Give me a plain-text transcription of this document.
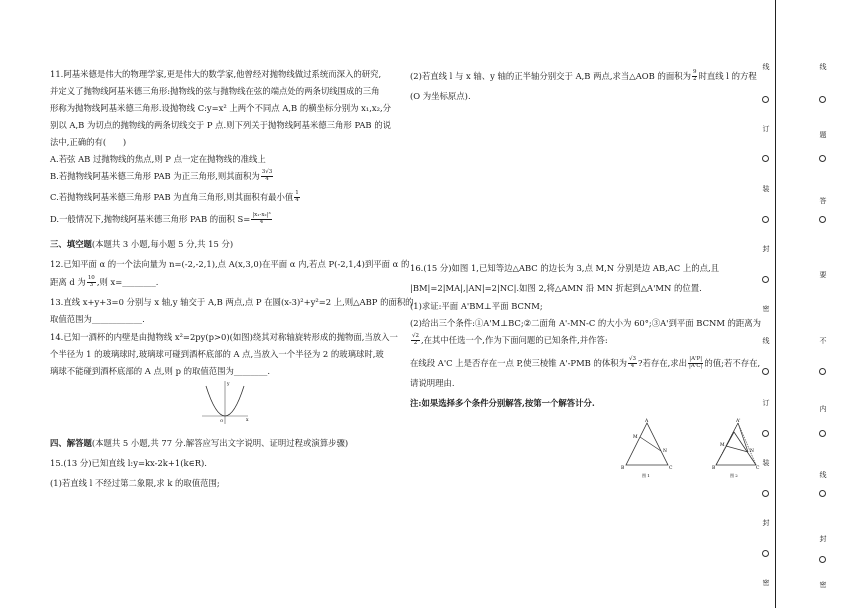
11.阿基米德是伟大的物理学家,更是伟大的数学家,他曾经对抛物线做过系统而深入的研究,
并定义了抛物线阿基米德三角形:抛物线的弦与抛物线在弦的端点处的两条切线围成的三角
形称为抛物线阿基米德三角形.设抛物线 C:y=x² 上两个不同点 A,B 的横坐标分别为 x₁,x₂,分
别以 A,B 为切点的抛物线的两条切线交于 P 点.则下列关于抛物线阿基米德三角形 PAB 的说
法中,正确的有(　　)
A.若弦 AB 过抛物线的焦点,则 P 点一定在抛物线的准线上
B.若抛物线阿基米德三角形 PAB 为正三角形,则其面积为 $\frac{3√3}{4}$
C.若抛物线阿基米德三角形 PAB 为直角三角形,则其面积有最小值 $\frac{1}{4}$
D.一般情况下,抛物线阿基米德三角形 PAB 的面积 $S= \frac{\text{|x₁-x₂|³}}{4}$
三、填空题(本题共 3 小题,每小题 5 分,共 15 分)
12.已知平面 α 的一个法向量为 n=(-2,-2,1),点 A(x,3,0)在平面 α 内,若点 P(-2,1,4)到平面 α 的
距离 d 为 $\frac{10}{3}$ ,则 x=________.
13.直线 x+y+3=0 分别与 x 轴,y 轴交于 A,B 两点,点 P 在圆(x-3)²+y²=2 上,则△ABP 的面积的
取值范围为____________.
14.已知一酒杯的内壁是由抛物线 x²=2py(p>0)(如图)绕其对称轴旋转形成的抛物面,当放入一
个半径为 1 的玻璃球时,玻璃球可碰到酒杯底部的 A 点,当放入一个半径为 2 的玻璃球时,玻
璃球不能碰到酒杯底部的 A 点,则 p 的取值范围为________.
四、解答题(本题共 5 小题,共 77 分.解答应写出文字说明、证明过程或演算步骤)
15.(13 分)已知直线 l:y=kx-2k+1(k∈R).
(1)若直线 l 不经过第二象限,求 k 的取值范围;
y
x
O
(2)若直线 l 与 x 轴、y 轴的正半轴分别交于 A,B 两点,求当△AOB 的面积为 $\frac{9}{2}$ 时直线 l 的方程
(O 为坐标原点).
16.(15 分)如图 1,已知等边△ABC 的边长为 3,点 M,N 分别是边 AB,AC 上的点,且
|BM|=2|MA|,|AN|=2|NC|.如图 2,将△AMN 沿 MN 折起到△A'MN 的位置.
(1)求证:平面 A'BM⊥平面 BCNM;
(2)给出三个条件:①A'M⊥BC;②二面角 A'-MN-C 的大小为 60°;③A'到平面 BCNM 的距离为
$\frac{√2}{2}$ ,在其中任选一个,作为下面问题的已知条件,并作答:
在线段 A'C 上是否存在一点 P,使三棱锥 A'-PMB 的体积为 $\frac{√3}{4}$ ?若存在,求出 $\frac{|A'P|}{|A'C|}$ 的值;若不存在,
请说明理由.
注:如果选择多个条件分别解答,按第一个解答计分.
A
B	C
M
N
图 1
A'
B	C
M
N
图 2
线
订
装
封
密
线
订
装
封
密
线
题
答
要
不
内
线
封
密
